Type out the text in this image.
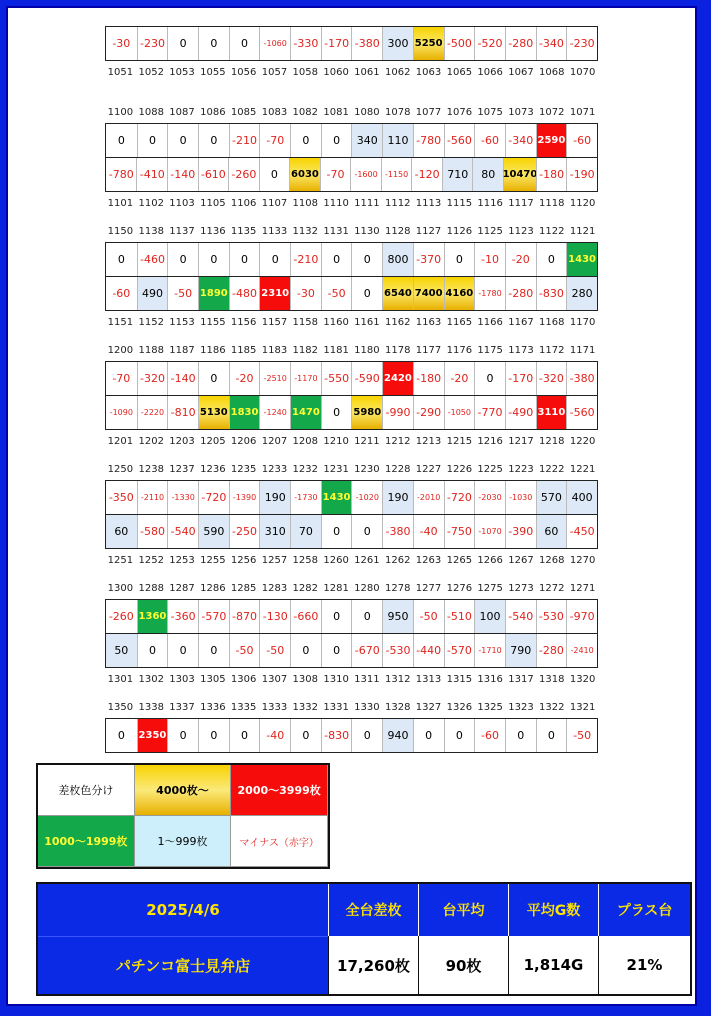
-30 -230	0	0	0	-1060 -330 -170 -380 300 5250 -500 -520 -280 -340 -230
1051 1052 1053 1055 1056 1057 1058 1060 1061 1062 1063 1065 1066 1067 1068 1070
1100 1088 1087 1086 1085 1083 1082 1081 1080 1078 1077 1076 1075 1073 1072 1071
0	0	0	0	-210 -70	0	0	340 110 -780 -560 -60 -340 2590 -60
-780 -410 -140 -610 -260	0	6030 -70	-1600 -1150 -120 710	80 10470 -180 -190
1101 1102 1103 1105 1106 1107 1108 1110 1111 1112 1113 1115 1116 1117 1118 1120
1150 1138 1137 1136 1135 1133 1132 1131 1130 1128 1127 1126 1125 1123 1122 1121
0	-460	0	0	0	0	-210	0	0	800 -370	0	-10	-20	0	1430
-60	490	-50 1890 -480 2310 -30	-50	0	6540 7400 4160 -1780 -280 -830 280
1151 1152 1153 1155 1156 1157 1158 1160 1161 1162 1163 1165 1166 1167 1168 1170
1200 1188 1187 1186 1185 1183 1182 1181 1180 1178 1177 1176 1175 1173 1172 1171
-70 -320 -140	0	-20	-2510 -1170 -550 -590 2420 -180 -20	0	-170 -320 -380
-1090 -2220 -810 5130 1830 -1240 1470	0	5980 -990 -290 -1050 -770 -490 3110 -560
1201 1202 1203 1205 1206 1207 1208 1210 1211 1212 1213 1215 1216 1217 1218 1220
1250 1238 1237 1236 1235 1233 1232 1231 1230 1228 1227 1226 1225 1223 1222 1221
-350 -2110 -1330 -720 -1390 190	-1730 1430 -1020 190	-2010 -720 -2030 -1030 570 400
60	-580 -540 590 -250 310	70	0	0	-380 -40 -750 -1070 -390	60	-450
1251 1252 1253 1255 1256 1257 1258 1260 1261 1262 1263 1265 1266 1267 1268 1270
1300 1288 1287 1286 1285 1283 1282 1281 1280 1278 1277 1276 1275 1273 1272 1271
-260 1360 -360 -570 -870 -130 -660	0	0	950	-50 -510 100 -540 -530 -970
50	0	0	0	-50	-50	0	0	-670 -530 -440 -570 -1710 790 -280 -2410
1301 1302 1303 1305 1306 1307 1308 1310 1311 1312 1313 1315 1316 1317 1318 1320
1350 1338 1337 1336 1335 1333 1332 1331 1330 1328 1327 1326 1325 1323 1322 1321
0	2350	0	0	0	-40	0	-830	0	940	0	0	-60	0	0	-50
差枚色分け	4000枚～	2000～3999枚
1000～1999枚	1～999枚	マイナス（赤字）
2025/4/6	全台差枚	台平均	平均G数	プラス台
パチンコ富士見弁店	17,260枚	90枚	1,814G	21%
